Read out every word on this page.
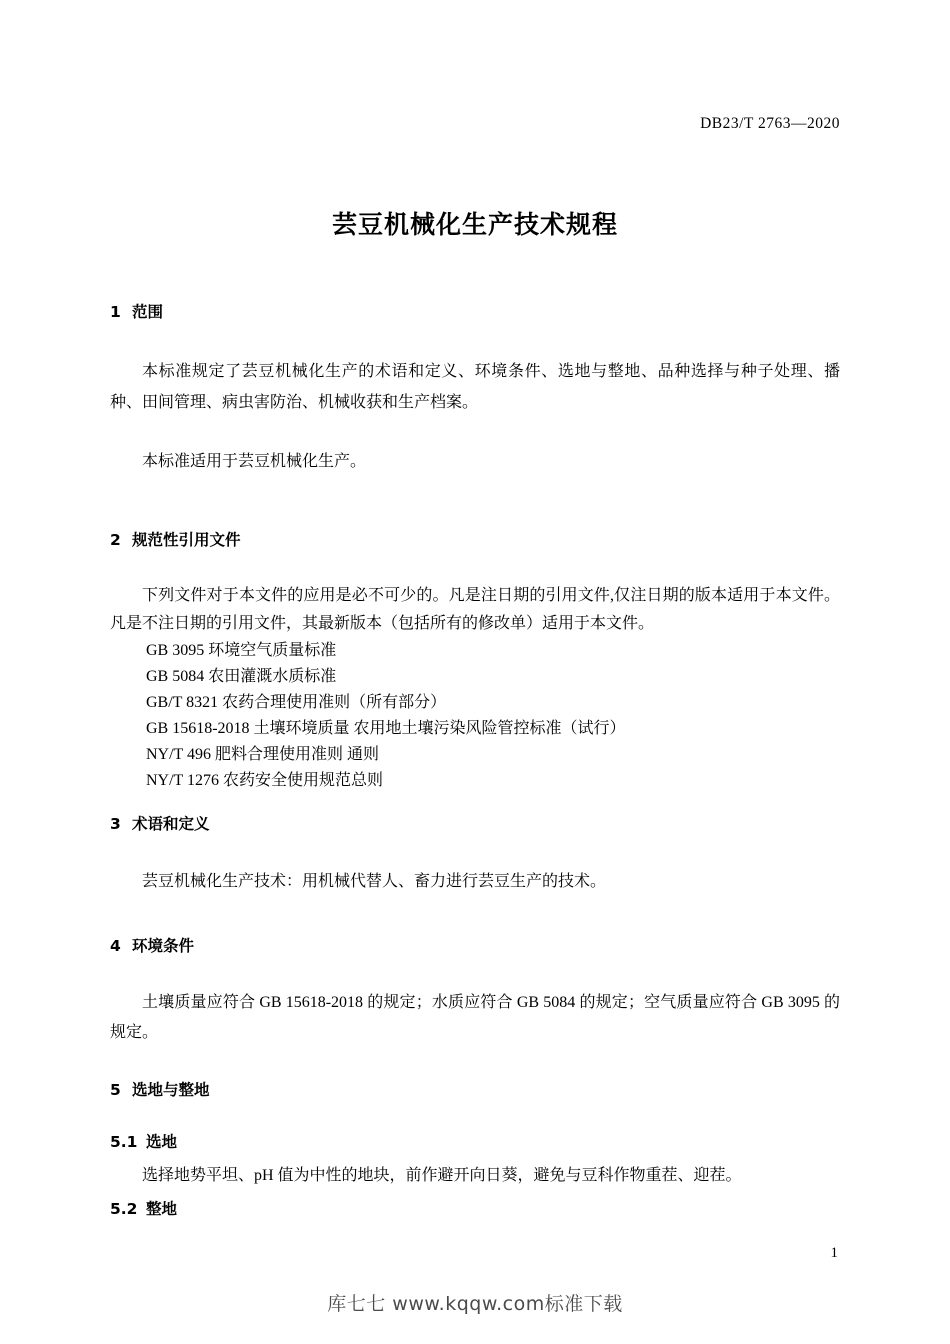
DB23/T 2763—2020
芸豆机械化生产技术规程

1 范围

本标准规定了芸豆机械化生产的术语和定义、环境条件、选地与整地、品种选择与种子处理、播种、田间管理、病虫害防治、机械收获和生产档案。

本标准适用于芸豆机械化生产。

2 规范性引用文件

下列文件对于本文件的应用是必不可少的。凡是注日期的引用文件,仅注日期的版本适用于本文件。凡是不注日期的引用文件，其最新版本（包括所有的修改单）适用于本文件。

GB 3095 环境空气质量标准

GB 5084 农田灌溉水质标准

GB/T 8321 农药合理使用准则（所有部分）

GB 15618-2018 土壤环境质量 农用地土壤污染风险管控标准（试行）

NY/T 496 肥料合理使用准则 通则

NY/T 1276 农药安全使用规范总则

3 术语和定义

芸豆机械化生产技术：用机械代替人、畜力进行芸豆生产的技术。

4 环境条件

土壤质量应符合 GB 15618-2018 的规定；水质应符合 GB 5084 的规定；空气质量应符合 GB 3095 的规定。

5 选地与整地

5.1 选地

选择地势平坦、pH 值为中性的地块，前作避开向日葵，避免与豆科作物重茬、迎茬。

5.2 整地

1
库七七 www.kqqw.com标准下载
